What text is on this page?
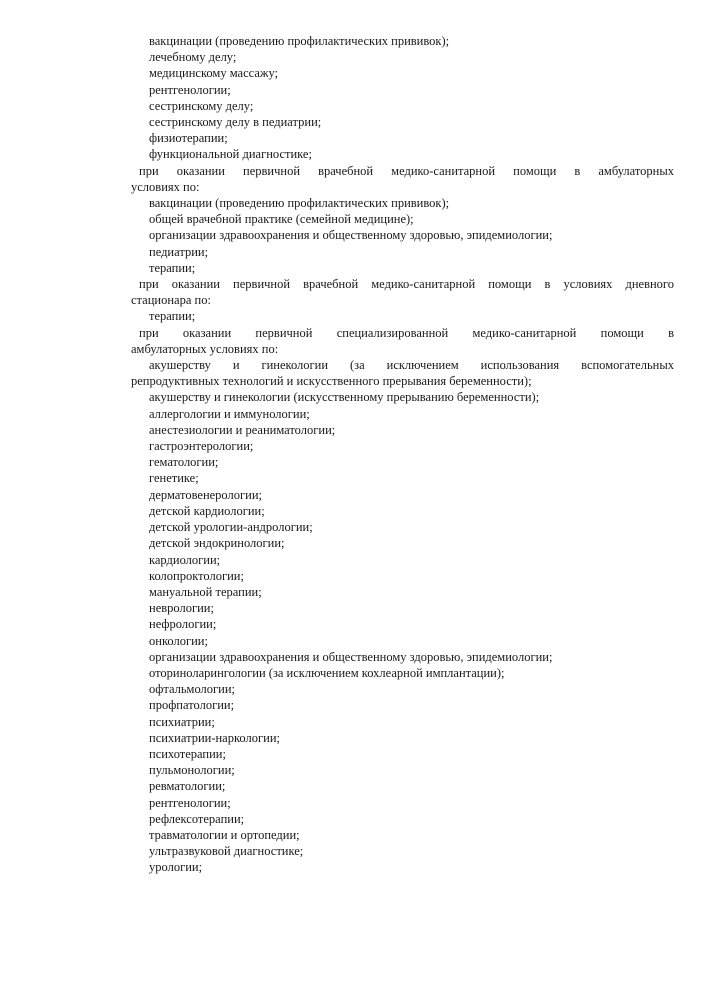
вакцинации (проведению профилактических прививок);
лечебному делу;
медицинскому массажу;
рентгенологии;
сестринскому делу;
сестринскому делу в педиатрии;
физиотерапии;
функциональной диагностике;
при оказании первичной врачебной медико-санитарной помощи в амбулаторных
условиях по:
вакцинации (проведению профилактических прививок);
общей врачебной практике (семейной медицине);
организации здравоохранения и общественному здоровью, эпидемиологии;
педиатрии;
терапии;
при оказании первичной врачебной медико-санитарной помощи в условиях дневного
стационара по:
терапии;
при оказании первичной специализированной медико-санитарной помощи в
амбулаторных условиях по:
акушерству и гинекологии (за исключением использования вспомогательных
репродуктивных технологий и искусственного прерывания беременности);
акушерству и гинекологии (искусственному прерыванию беременности);
аллергологии и иммунологии;
анестезиологии и реаниматологии;
гастроэнтерологии;
гематологии;
генетике;
дерматовенерологии;
детской кардиологии;
детской урологии-андрологии;
детской эндокринологии;
кардиологии;
колопроктологии;
мануальной терапии;
неврологии;
нефрологии;
онкологии;
организации здравоохранения и общественному здоровью, эпидемиологии;
оториноларингологии (за исключением кохлеарной имплантации);
офтальмологии;
профпатологии;
психиатрии;
психиатрии-наркологии;
психотерапии;
пульмонологии;
ревматологии;
рентгенологии;
рефлексотерапии;
травматологии и ортопедии;
ультразвуковой диагностике;
урологии;
